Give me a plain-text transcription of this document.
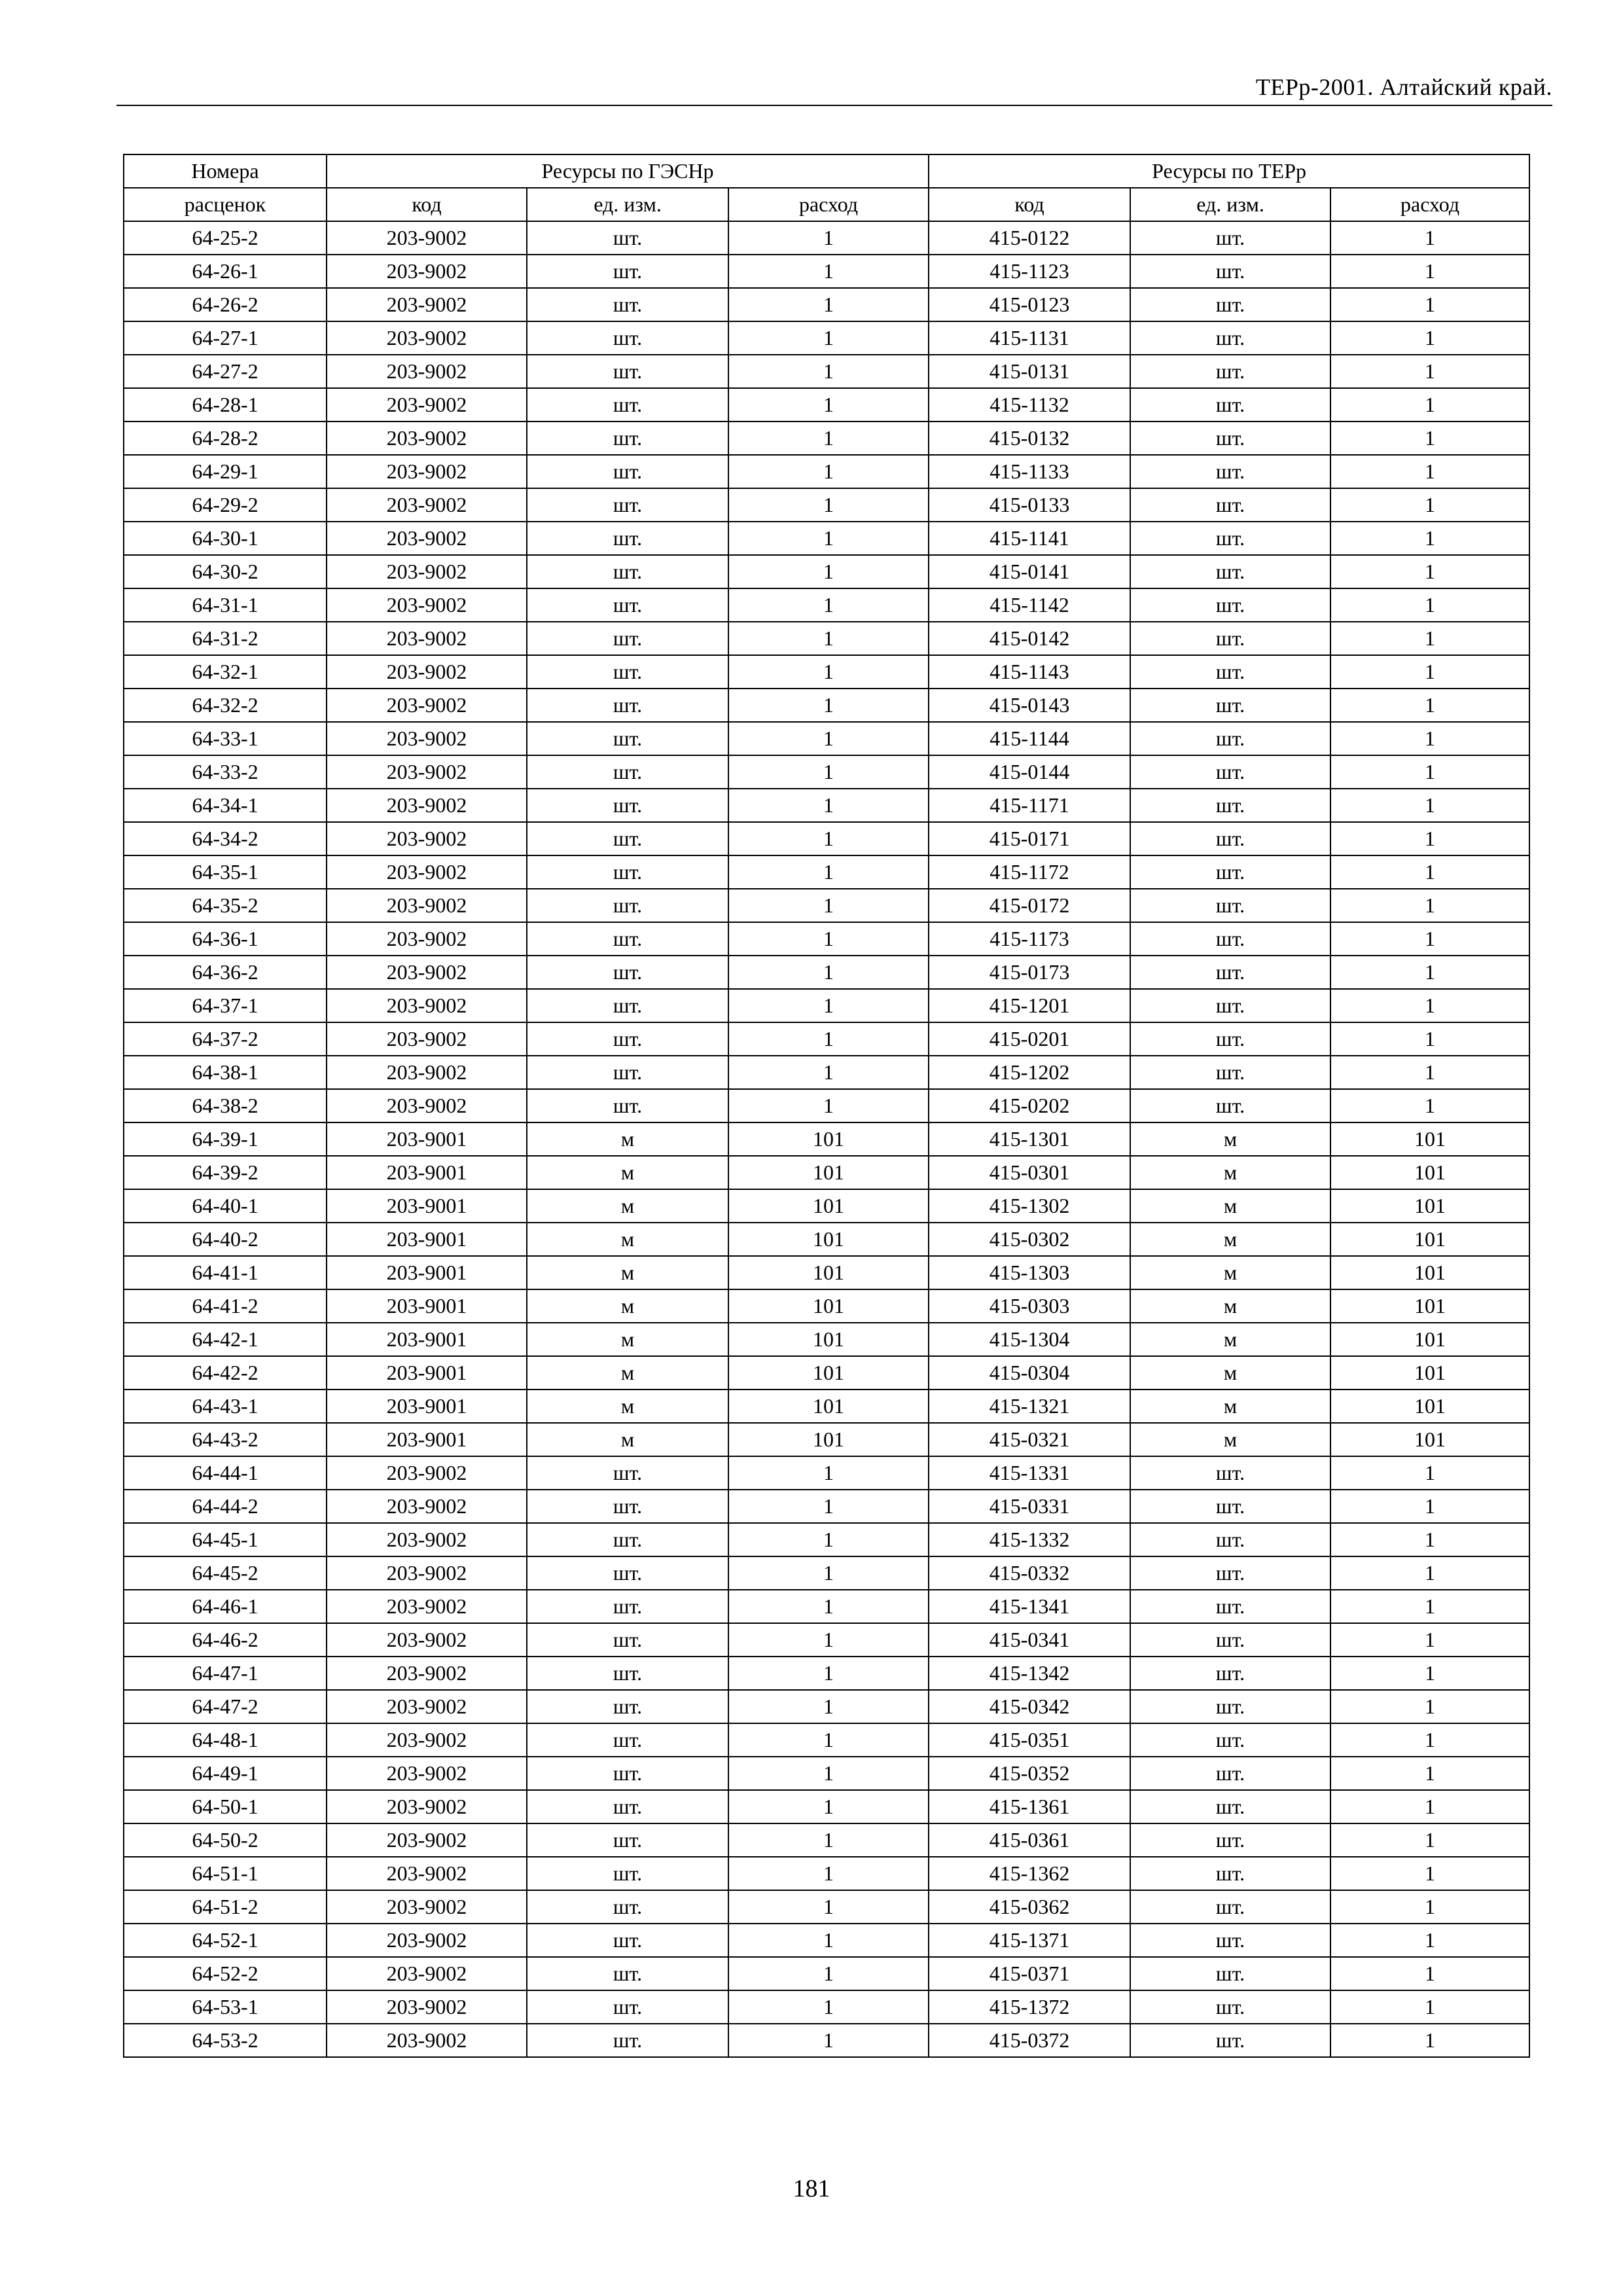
ТЕРр-2001. Алтайский край.
Номера	Ресурсы по ГЭСНр			Ресурсы по ТЕРр		
расценок	код	ед. изм.	расход	код	ед. изм.	расход
64-25-2	203-9002	шт.	1	415-0122	шт.	1
64-26-1	203-9002	шт.	1	415-1123	шт.	1
64-26-2	203-9002	шт.	1	415-0123	шт.	1
64-27-1	203-9002	шт.	1	415-1131	шт.	1
64-27-2	203-9002	шт.	1	415-0131	шт.	1
64-28-1	203-9002	шт.	1	415-1132	шт.	1
64-28-2	203-9002	шт.	1	415-0132	шт.	1
64-29-1	203-9002	шт.	1	415-1133	шт.	1
64-29-2	203-9002	шт.	1	415-0133	шт.	1
64-30-1	203-9002	шт.	1	415-1141	шт.	1
64-30-2	203-9002	шт.	1	415-0141	шт.	1
64-31-1	203-9002	шт.	1	415-1142	шт.	1
64-31-2	203-9002	шт.	1	415-0142	шт.	1
64-32-1	203-9002	шт.	1	415-1143	шт.	1
64-32-2	203-9002	шт.	1	415-0143	шт.	1
64-33-1	203-9002	шт.	1	415-1144	шт.	1
64-33-2	203-9002	шт.	1	415-0144	шт.	1
64-34-1	203-9002	шт.	1	415-1171	шт.	1
64-34-2	203-9002	шт.	1	415-0171	шт.	1
64-35-1	203-9002	шт.	1	415-1172	шт.	1
64-35-2	203-9002	шт.	1	415-0172	шт.	1
64-36-1	203-9002	шт.	1	415-1173	шт.	1
64-36-2	203-9002	шт.	1	415-0173	шт.	1
64-37-1	203-9002	шт.	1	415-1201	шт.	1
64-37-2	203-9002	шт.	1	415-0201	шт.	1
64-38-1	203-9002	шт.	1	415-1202	шт.	1
64-38-2	203-9002	шт.	1	415-0202	шт.	1
64-39-1	203-9001	м	101	415-1301	м	101
64-39-2	203-9001	м	101	415-0301	м	101
64-40-1	203-9001	м	101	415-1302	м	101
64-40-2	203-9001	м	101	415-0302	м	101
64-41-1	203-9001	м	101	415-1303	м	101
64-41-2	203-9001	м	101	415-0303	м	101
64-42-1	203-9001	м	101	415-1304	м	101
64-42-2	203-9001	м	101	415-0304	м	101
64-43-1	203-9001	м	101	415-1321	м	101
64-43-2	203-9001	м	101	415-0321	м	101
64-44-1	203-9002	шт.	1	415-1331	шт.	1
64-44-2	203-9002	шт.	1	415-0331	шт.	1
64-45-1	203-9002	шт.	1	415-1332	шт.	1
64-45-2	203-9002	шт.	1	415-0332	шт.	1
64-46-1	203-9002	шт.	1	415-1341	шт.	1
64-46-2	203-9002	шт.	1	415-0341	шт.	1
64-47-1	203-9002	шт.	1	415-1342	шт.	1
64-47-2	203-9002	шт.	1	415-0342	шт.	1
64-48-1	203-9002	шт.	1	415-0351	шт.	1
64-49-1	203-9002	шт.	1	415-0352	шт.	1
64-50-1	203-9002	шт.	1	415-1361	шт.	1
64-50-2	203-9002	шт.	1	415-0361	шт.	1
64-51-1	203-9002	шт.	1	415-1362	шт.	1
64-51-2	203-9002	шт.	1	415-0362	шт.	1
64-52-1	203-9002	шт.	1	415-1371	шт.	1
64-52-2	203-9002	шт.	1	415-0371	шт.	1
64-53-1	203-9002	шт.	1	415-1372	шт.	1
64-53-2	203-9002	шт.	1	415-0372	шт.	1
181
